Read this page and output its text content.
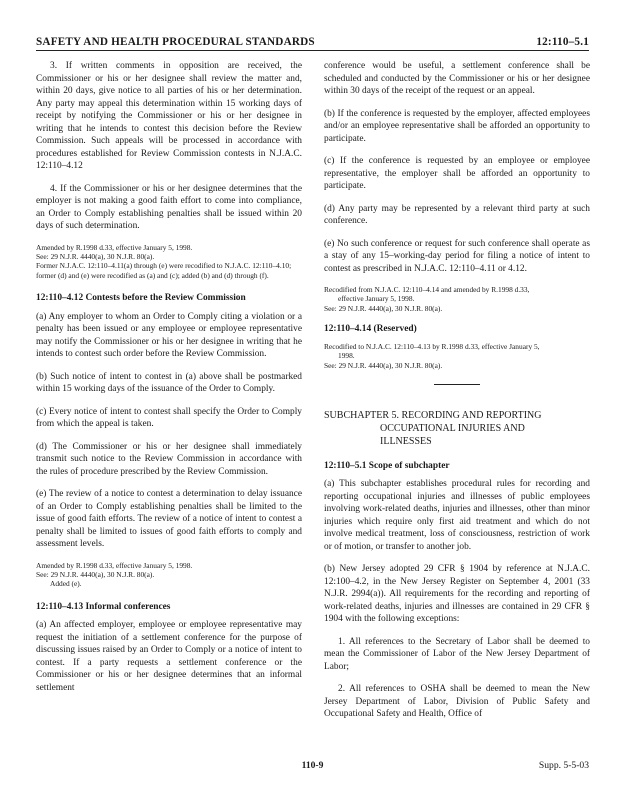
SAFETY AND HEALTH PROCEDURAL STANDARDS	12:110–5.1

3. If written comments in opposition are received, the Commissioner or his or her designee shall review the matter and, within 20 days, give notice to all parties of his or her determination. Any party may appeal this determination within 15 working days of receipt by notifying the Commissioner or his or her designee in writing that he intends to contest this decision before the Review Commission. Such appeals will be processed in accordance with procedures established for Review Commission contests in N.J.A.C. 12:110–4.12

4. If the Commissioner or his or her designee determines that the employer is not making a good faith effort to come into compliance, an Order to Comply establishing penalties shall be issued within 20 days of such determination.

Amended by R.1998 d.33, effective January 5, 1998.
See: 29 N.J.R. 4440(a), 30 N.J.R. 80(a).
Former N.J.A.C. 12:110–4.11(a) through (e) were recodified to N.J.A.C. 12:110–4.10; former (d) and (e) were recodified as (a) and (c); added (b) and (d) through (f).
12:110–4.12 Contests before the Review Commission

(a) Any employer to whom an Order to Comply citing a violation or a penalty has been issued or any employee or employee representative may notify the Commissioner or his or her designee in writing that he intends to contest such order before the Review Commission.

(b) Such notice of intent to contest in (a) above shall be postmarked within 15 working days of the issuance of the Order to Comply.

(c) Every notice of intent to contest shall specify the Order to Comply from which the appeal is taken.

(d) The Commissioner or his or her designee shall immediately transmit such notice to the Review Commission in accordance with the rules of procedure prescribed by the Review Commission.

(e) The review of a notice to contest a determination to delay issuance of an Order to Comply establishing penalties shall be limited to the issue of good faith efforts. The review of a notice of intent to contest a penalty shall be limited to issues of good faith efforts to comply and assessment levels.

Amended by R.1998 d.33, effective January 5, 1998.
See: 29 N.J.R. 4440(a), 30 N.J.R. 80(a).
Added (e).
12:110–4.13 Informal conferences

(a) An affected employer, employee or employee representative may request the initiation of a settlement conference for the purpose of discussing issues raised by an Order to Comply or a notice of intent to contest. If a party requests a settlement conference or the Commissioner or his or her designee determines that an informal settlement

conference would be useful, a settlement conference shall be scheduled and conducted by the Commissioner or his or her designee within 30 days of the receipt of the request or an appeal.

(b) If the conference is requested by the employer, affected employees and/or an employee representative shall be afforded an opportunity to participate.

(c) If the conference is requested by an employee or employee representative, the employer shall be afforded an opportunity to participate.

(d) Any party may be represented by a relevant third party at such conference.

(e) No such conference or request for such conference shall operate as a stay of any 15–working-day period for filing a notice of intent to contest as prescribed in N.J.A.C. 12:110–4.11 or 4.12.

Recodified from N.J.A.C. 12:110–4.14 and amended by R.1998 d.33,
effective January 5, 1998.
See: 29 N.J.R. 4440(a), 30 N.J.R. 80(a).
12:110–4.14 (Reserved)
Recodified to N.J.A.C. 12:110–4.13 by R.1998 d.33, effective January 5,
1998.
See: 29 N.J.R. 4440(a), 30 N.J.R. 80(a).
SUBCHAPTER 5. RECORDING AND REPORTING
OCCUPATIONAL INJURIES AND
ILLNESSES
12:110–5.1 Scope of subchapter

(a) This subchapter establishes procedural rules for recording and reporting occupational injuries and illnesses of public employees involving work-related deaths, injuries and illnesses, other than minor injuries which require only first aid treatment and which do not involve medical treatment, loss of consciousness, restriction of work or of motion, or transfer to another job.

(b) New Jersey adopted 29 CFR § 1904 by reference at N.J.A.C. 12:100–4.2, in the New Jersey Register on September 4, 2001 (33 N.J.R. 2994(a)). All requirements for the recording and reporting of work-related deaths, injuries and illnesses are contained in 29 CFR § 1904 with the following exceptions:

1. All references to the Secretary of Labor shall be deemed to mean the Commissioner of Labor of the New Jersey Department of Labor;

2. All references to OSHA shall be deemed to mean the New Jersey Department of Labor, Division of Public Safety and Occupational Safety and Health, Office of

110-9	Supp. 5-5-03
